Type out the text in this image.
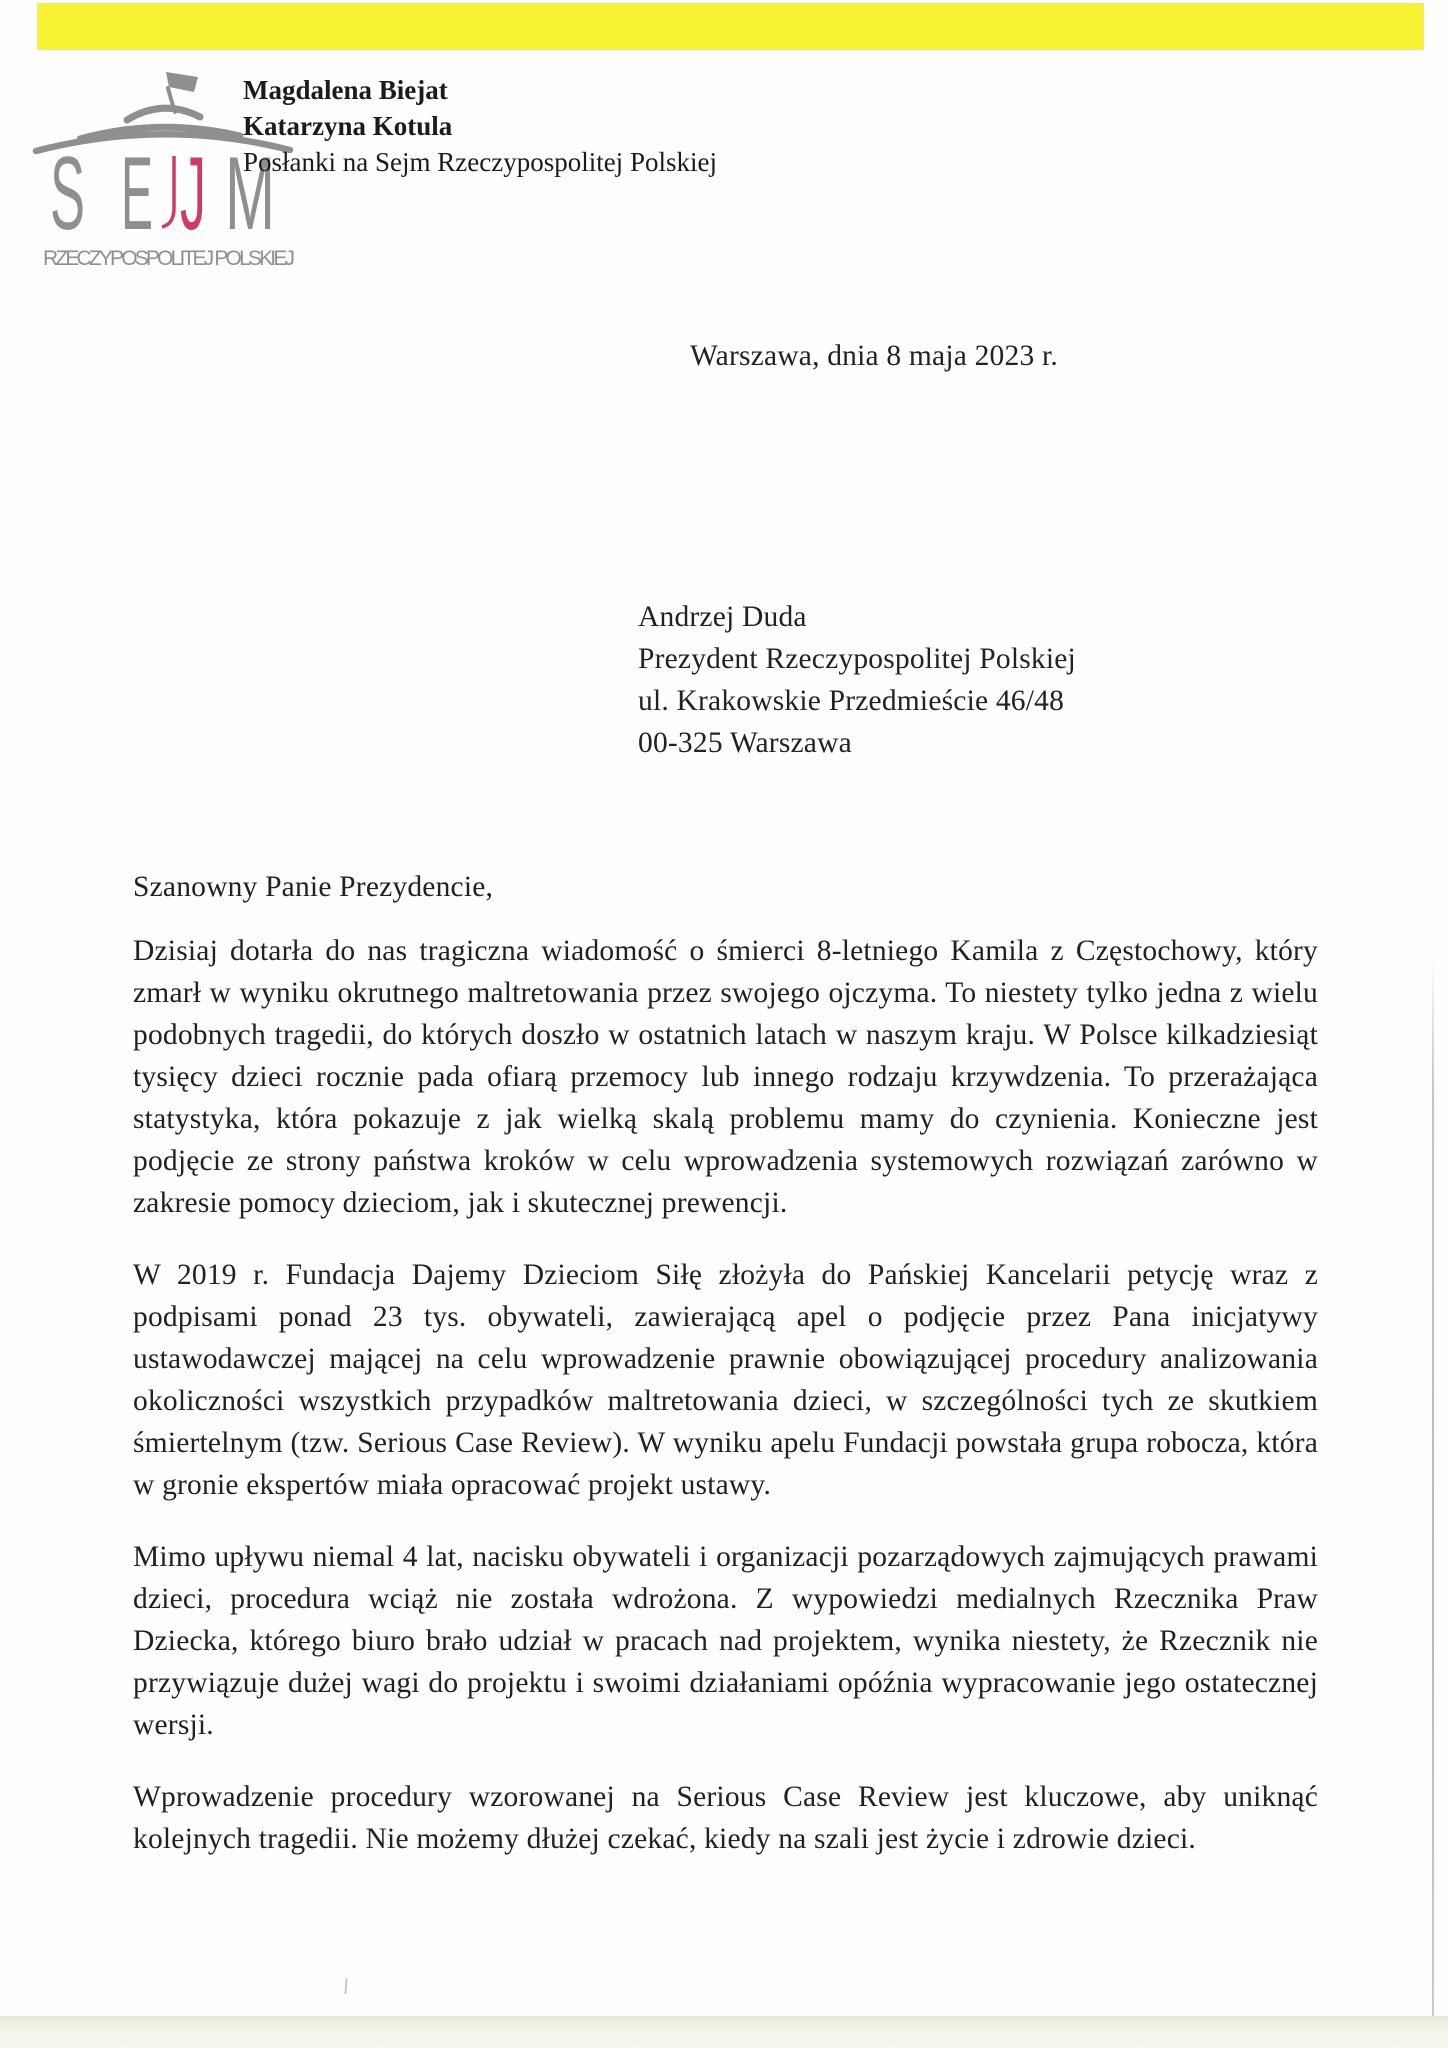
S E J M
RZECZYPOSPOLITEJ POLSKIEJ
Magdalena Biejat
Katarzyna Kotula
Posłanki na Sejm Rzeczypospolitej Polskiej
Warszawa, dnia 8 maja 2023 r.
Andrzej Duda
Prezydent Rzeczypospolitej Polskiej
ul. Krakowskie Przedmieście 46/48
00-325 Warszawa
Szanowny Panie Prezydencie,

Dzisiaj dotarła do nas tragiczna wiadomość o śmierci 8-letniego Kamila z Częstochowy, który zmarł w wyniku okrutnego maltretowania przez swojego ojczyma. To niestety tylko jedna z wielu podobnych tragedii, do których doszło w ostatnich latach w naszym kraju. W Polsce kilkadziesiąt tysięcy dzieci rocznie pada ofiarą przemocy lub innego rodzaju krzywdzenia. To przerażająca statystyka, która pokazuje z jak wielką skalą problemu mamy do czynienia. Konieczne jest podjęcie ze strony państwa kroków w celu wprowadzenia systemowych rozwiązań zarówno w zakresie pomocy dzieciom, jak i skutecznej prewencji.

W 2019 r. Fundacja Dajemy Dzieciom Siłę złożyła do Pańskiej Kancelarii petycję wraz z podpisami ponad 23 tys. obywateli, zawierającą apel o podjęcie przez Pana inicjatywy ustawodawczej mającej na celu wprowadzenie prawnie obowiązującej procedury analizowania okoliczności wszystkich przypadków maltretowania dzieci, w szczególności tych ze skutkiem śmiertelnym (tzw. Serious Case Review). W wyniku apelu Fundacji powstała grupa robocza, która w gronie ekspertów miała opracować projekt ustawy.

Mimo upływu niemal 4 lat, nacisku obywateli i organizacji pozarządowych zajmujących prawami dzieci, procedura wciąż nie została wdrożona. Z wypowiedzi medialnych Rzecznika Praw Dziecka, którego biuro brało udział w pracach nad projektem, wynika niestety, że Rzecznik nie przywiązuje dużej wagi do projektu i swoimi działaniami opóźnia wypracowanie jego ostatecznej wersji.

Wprowadzenie procedury wzorowanej na Serious Case Review jest kluczowe, aby uniknąć kolejnych tragedii. Nie możemy dłużej czekać, kiedy na szali jest życie i zdrowie dzieci.
